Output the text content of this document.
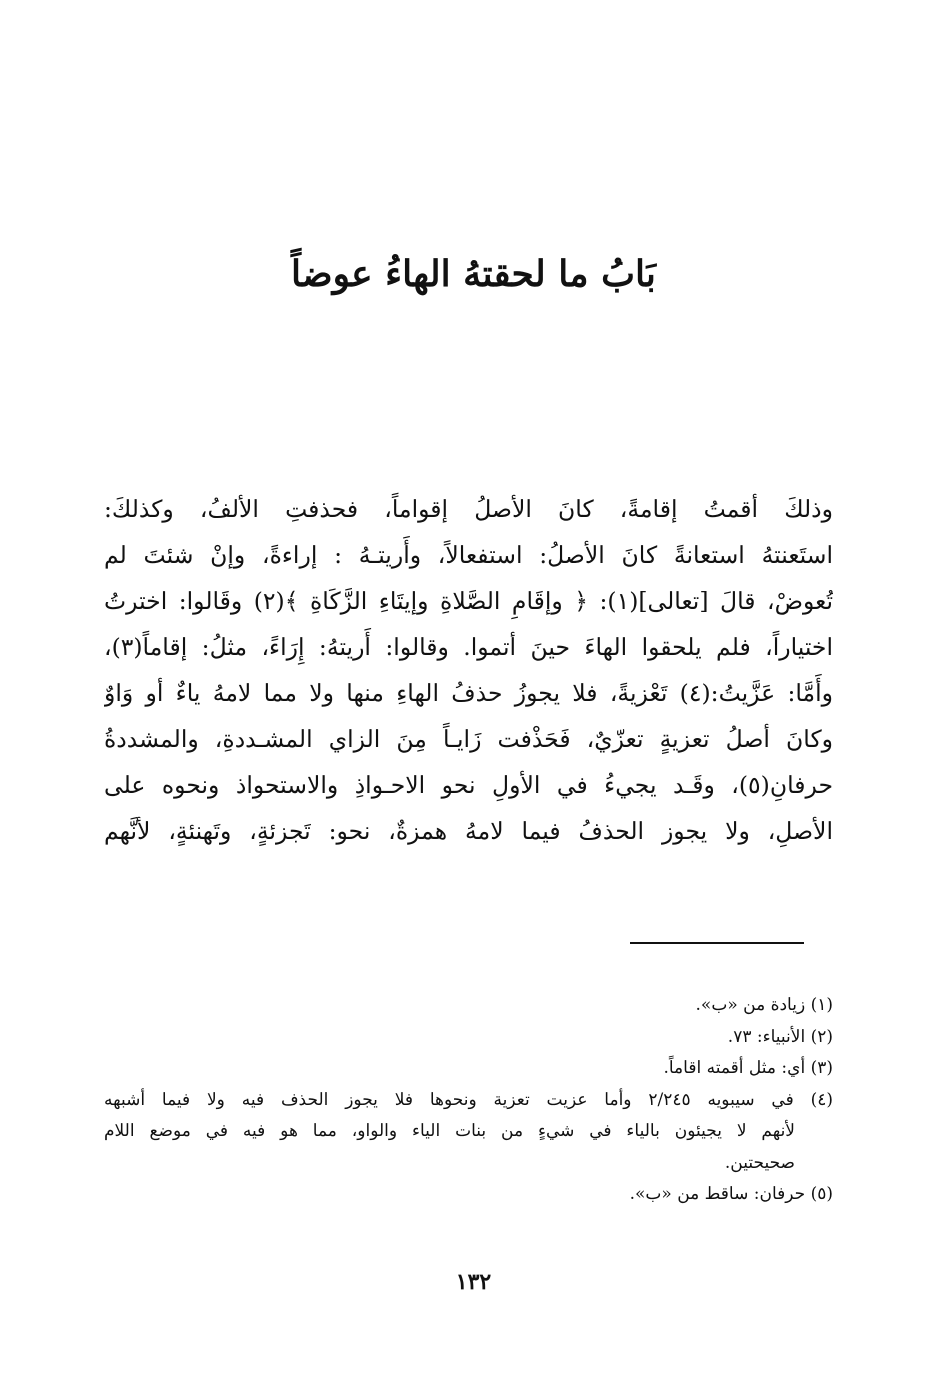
بَابُ ما لحقتهُ الهاءُ عوضاً
وذلكَ أقمتُ إقامةً، كانَ الأصلُ إقواماً، فحذفتِ الألفُ، وكذلكَ:
استَعنتهُ استعانةً كانَ الأصلُ: استفعالاً، وأَريتـهُ : إراءةً، وإنْ شئتَ لم
تُعوضْ، قالَ [تعالى](١): ﴿ وإقَامِ الصَّلاةِ وإيتَاءِ الزَّكَاةِ ﴾(٢) وقَالوا: اخترتُ
اختياراً، فلم يلحقوا الهاءَ حينَ أتموا. وقالوا: أَريتهُ: إِرَاءً، مثلُ: إقاماً(٣)،
وأَمَّا: عَزَّيتُ:(٤) تَعْزيةً، فلا يجوزُ حذفُ الهاءِ منها ولا مما لامهُ ياءٌ أو وَاوٌ
وكانَ أصلُ تعزيةٍ تعزّيٌ، فَحَذْفت زَايـاً مِنَ الزاي المشـددةِ، والمشددةُ
حرفانِ(٥)، وقَـد يجيءُ في الأولِ نحو الاحـواذِ والاستحواذ ونحوه على
الأصلِ، ولا يجوز الحذفُ فيما لامهُ همزةٌ، نحو: تَجزئةٍ، وتَهنئةٍ، لأنَّهم
(١) زيادة من «ب».
(٢) الأنبياء: ٧٣.
(٣) أي: مثل أقمته اقاماً.
(٤) في سيبويه ٢/٢٤٥ وأما عزيت تعزية ونحوها فلا يجوز الحذف فيه ولا فيما أشبهه
لأنهم لا يجيئون بالياء في شيءٍ من بنات الياء والواو، مما هو فيه في موضع اللام
صحيحتين.
(٥) حرفان: ساقط من «ب».
١٣٢
